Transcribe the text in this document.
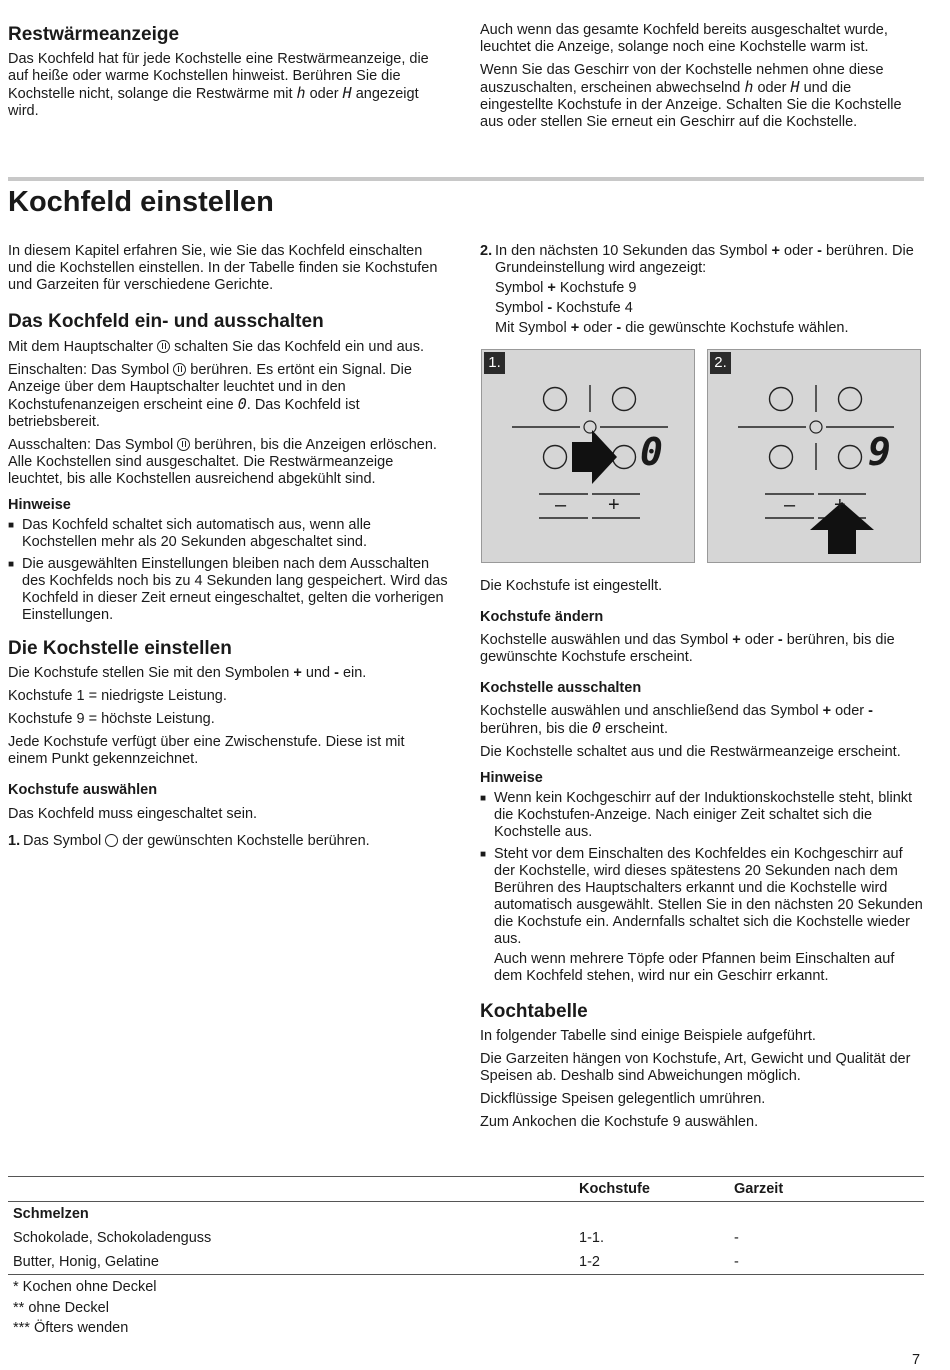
Restwärmeanzeige

Das Kochfeld hat für jede Kochstelle eine Restwärmeanzeige, die auf heiße oder warme Kochstellen hinweist. Berühren Sie die Kochstelle nicht, solange die Restwärme mit h oder H angezeigt wird.

Auch wenn das gesamte Kochfeld bereits ausgeschaltet wurde, leuchtet die Anzeige, solange noch eine Kochstelle warm ist.

Wenn Sie das Geschirr von der Kochstelle nehmen ohne diese auszuschalten, erscheinen abwechselnd h oder H und die eingestellte Kochstufe in der Anzeige. Schalten Sie die Kochstelle aus oder stellen Sie erneut ein Geschirr auf die Kochstelle.

Kochfeld einstellen

In diesem Kapitel erfahren Sie, wie Sie das Kochfeld einschalten und die Kochstellen einstellen. In der Tabelle finden sie Kochstufen und Garzeiten für verschiedene Gerichte.

Das Kochfeld ein- und ausschalten

Mit dem Hauptschalter schalten Sie das Kochfeld ein und aus.

Einschalten: Das Symbol berühren. Es ertönt ein Signal. Die Anzeige über dem Hauptschalter leuchtet und in den Kochstufenanzeigen erscheint eine 0. Das Kochfeld ist betriebsbereit.

Ausschalten: Das Symbol berühren, bis die Anzeigen erlöschen. Alle Kochstellen sind ausgeschaltet. Die Restwärmeanzeige leuchtet, bis alle Kochstellen ausreichend abgekühlt sind.

Hinweise
■ Das Kochfeld schaltet sich automatisch aus, wenn alle Kochstellen mehr als 20 Sekunden abgeschaltet sind.
■ Die ausgewählten Einstellungen bleiben nach dem Ausschalten des Kochfelds noch bis zu 4 Sekunden lang gespeichert. Wird das Kochfeld in dieser Zeit erneut eingeschaltet, gelten die vorherigen Einstellungen.
Die Kochstelle einstellen

Die Kochstufe stellen Sie mit den Symbolen + und - ein.

Kochstufe 1 = niedrigste Leistung.

Kochstufe 9 = höchste Leistung.

Jede Kochstufe verfügt über eine Zwischenstufe. Diese ist mit einem Punkt gekennzeichnet.

Kochstufe auswählen

Das Kochfeld muss eingeschaltet sein.

1. Das Symbol der gewünschten Kochstelle berühren.
2. In den nächsten 10 Sekunden das Symbol + oder - berühren. Die Grundeinstellung wird angezeigt:

Symbol + Kochstufe 9

Symbol - Kochstufe 4

Mit Symbol + oder - die gewünschte Kochstufe wählen.

1.
0
– +
2.
9
– +

Die Kochstufe ist eingestellt.

Kochstufe ändern

Kochstelle auswählen und das Symbol + oder - berühren, bis die gewünschte Kochstufe erscheint.

Kochstelle ausschalten

Kochstelle auswählen und anschließend das Symbol + oder - berühren, bis die 0 erscheint.

Die Kochstelle schaltet aus und die Restwärmeanzeige erscheint.

Hinweise
■ Wenn kein Kochgeschirr auf der Induktionskochstelle steht, blinkt die Kochstufen-Anzeige. Nach einiger Zeit schaltet sich die Kochstelle aus.
■ Steht vor dem Einschalten des Kochfeldes ein Kochgeschirr auf der Kochstelle, wird dieses spätestens 20 Sekunden nach dem Berühren des Hauptschalters erkannt und die Kochstelle wird automatisch ausgewählt. Stellen Sie in den nächsten 20 Sekunden die Kochstufe ein. Andernfalls schaltet sich die Kochstelle wieder aus.
Auch wenn mehrere Töpfe oder Pfannen beim Einschalten auf dem Kochfeld stehen, wird nur ein Geschirr erkannt.
Kochtabelle

In folgender Tabelle sind einige Beispiele aufgeführt.

Die Garzeiten hängen von Kochstufe, Art, Gewicht und Qualität der Speisen ab. Deshalb sind Abweichungen möglich.

Dickflüssige Speisen gelegentlich umrühren.

Zum Ankochen die Kochstufe 9 auswählen.

	Kochstufe	Garzeit
Schmelzen		
Schokolade, Schokoladenguss	1-1.	-
Butter, Honig, Gelatine	1-2	-
* Kochen ohne Deckel
** ohne Deckel
*** Öfters wenden
7
